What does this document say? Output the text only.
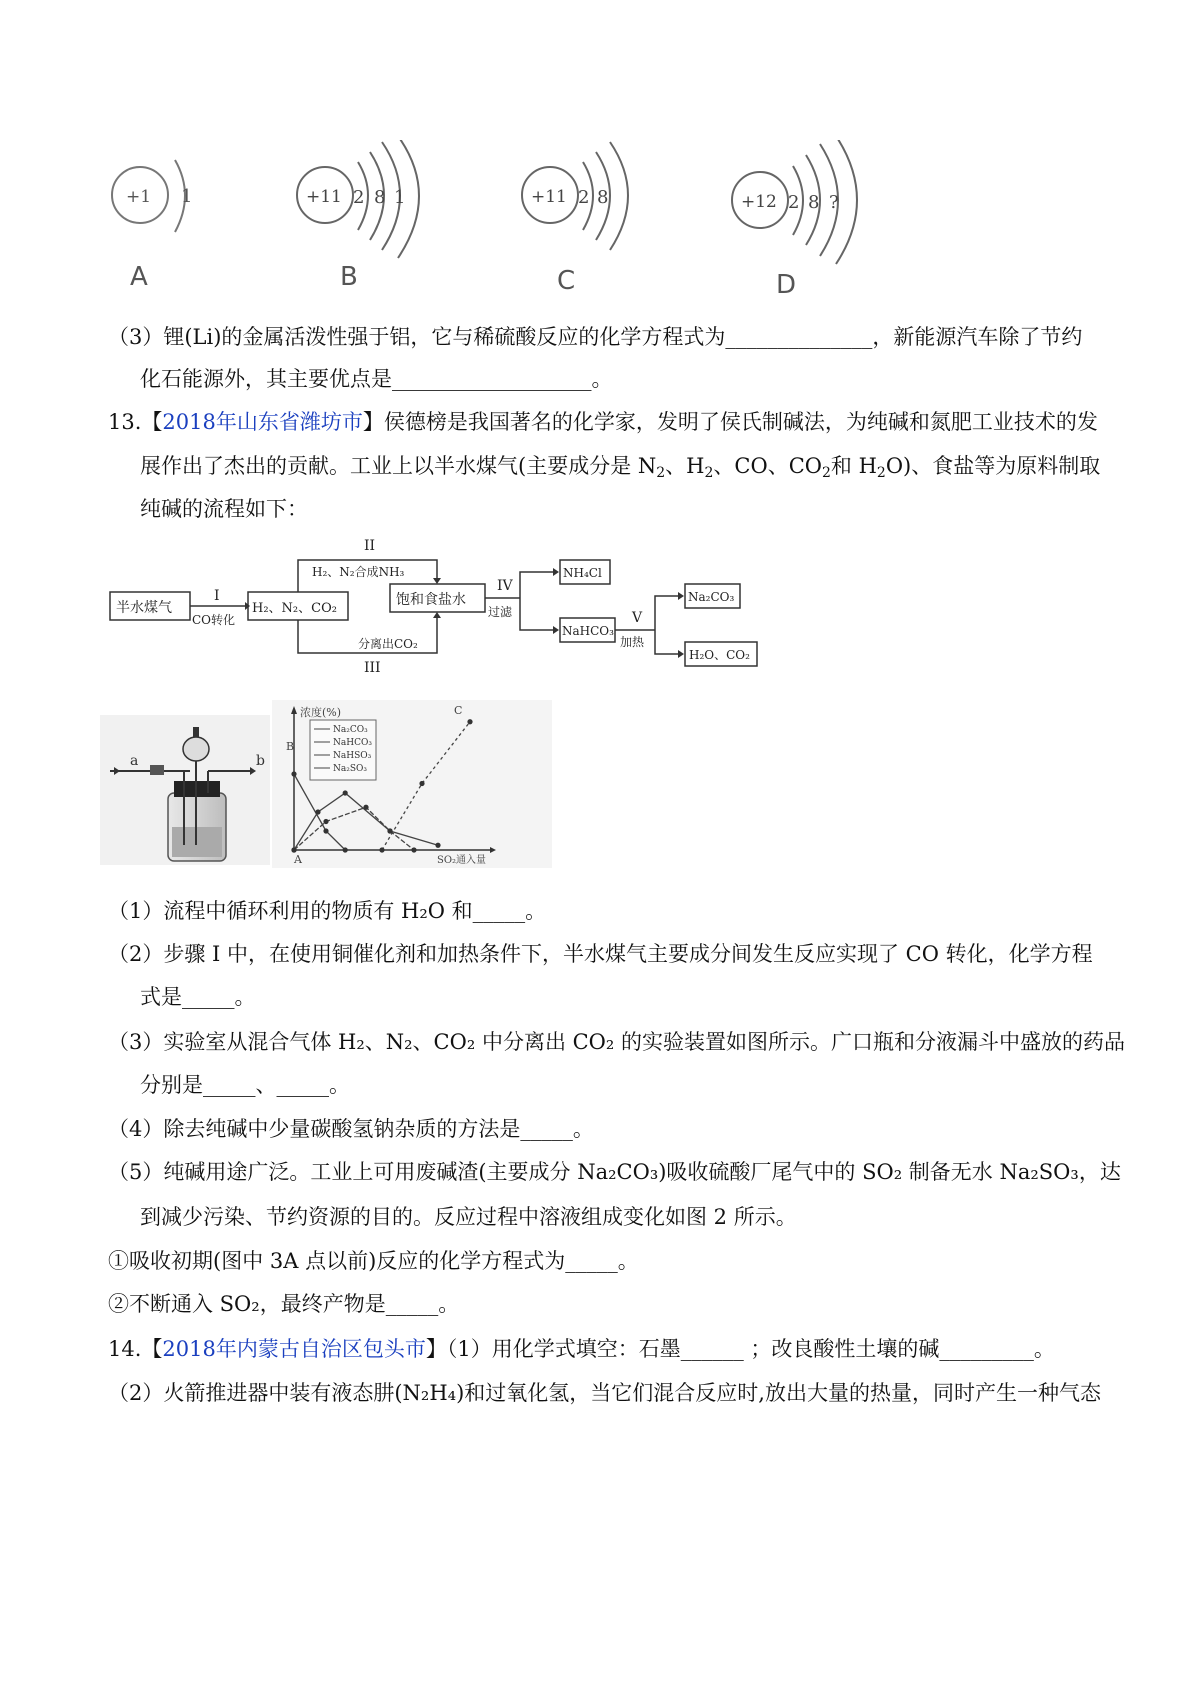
+1 1	+11 2 8 1	+11 2 8	+12 2 8 ?
A	B	C	D
（3）锂(Li)的金属活泼性强于铝，它与稀硫酸反应的化学方程式为______________，新能源汽车除了节约
化石能源外，其主要优点是___________________。
13.【2018年山东省潍坊市】侯德榜是我国著名的化学家，发明了侯氏制碱法，为纯碱和氮肥工业技术的发
展作出了杰出的贡献。工业上以半水煤气(主要成分是 $N_2$、$H_2$、CO、$CO_2$和 $H_2O$)、食盐等为原料制取
纯碱的流程如下：
半水煤气
I
CO转化
H₂、N₂、CO₂
II
H₂、N₂合成NH₃
饱和食盐水
分离出CO₂
III
IV
过滤
NH₄Cl
NaHCO₃
V
加热
Na₂CO₃
H₂O、CO₂
a	b
浓度(%)
SO₂通入量
B
A
C
Na₂CO₃
NaHCO₃
NaHSO₃
Na₂SO₃
（1）流程中循环利用的物质有 H₂O 和_____。
（2）步骤 I 中，在使用铜催化剂和加热条件下，半水煤气主要成分间发生反应实现了 CO 转化，化学方程
式是_____。
（3）实验室从混合气体 H₂、N₂、CO₂ 中分离出 CO₂ 的实验装置如图所示。广口瓶和分液漏斗中盛放的药品
分别是_____、_____。
（4）除去纯碱中少量碳酸氢钠杂质的方法是_____。
（5）纯碱用途广泛。工业上可用废碱渣(主要成分 Na₂CO₃)吸收硫酸厂尾气中的 SO₂ 制备无水 Na₂SO₃，达
到减少污染、节约资源的目的。反应过程中溶液组成变化如图 2 所示。
①吸收初期(图中 3A 点以前)反应的化学方程式为_____。
②不断通入 SO₂，最终产物是_____。
14.【2018年内蒙古自治区包头市】（1）用化学式填空：石墨______ ；改良酸性土壤的碱_________。
（2）火箭推进器中装有液态肼(N₂H₄)和过氧化氢，当它们混合反应时,放出大量的热量，同时产生一种气态
